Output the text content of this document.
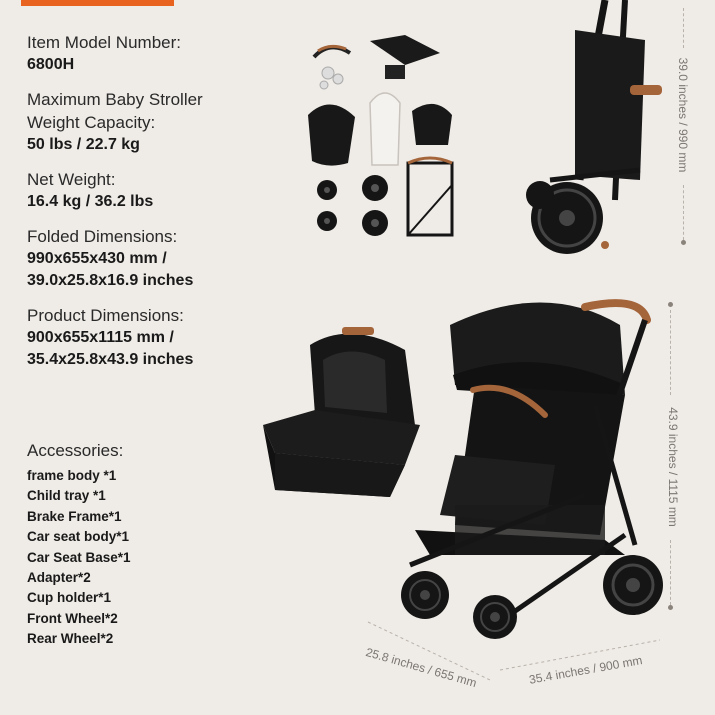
Item Model Number:
6800H
Maximum Baby Stroller
Weight Capacity:
50 lbs / 22.7 kg
Net Weight:
16.4 kg / 36.2 lbs
Folded Dimensions:
990x655x430 mm /
39.0x25.8x16.9 inches
Product Dimensions:
900x655x1115 mm /
35.4x25.8x43.9 inches
Accessories:
frame body *1
Child tray *1
Brake Frame*1
Car seat body*1
Car Seat Base*1
Adapter*2
Cup holder*1
Front Wheel*2
Rear Wheel*2
39.0 inches / 990 mm
43.9 inches / 1115 mm
25.8 inches / 655 mm	35.4 inches / 900 mm
